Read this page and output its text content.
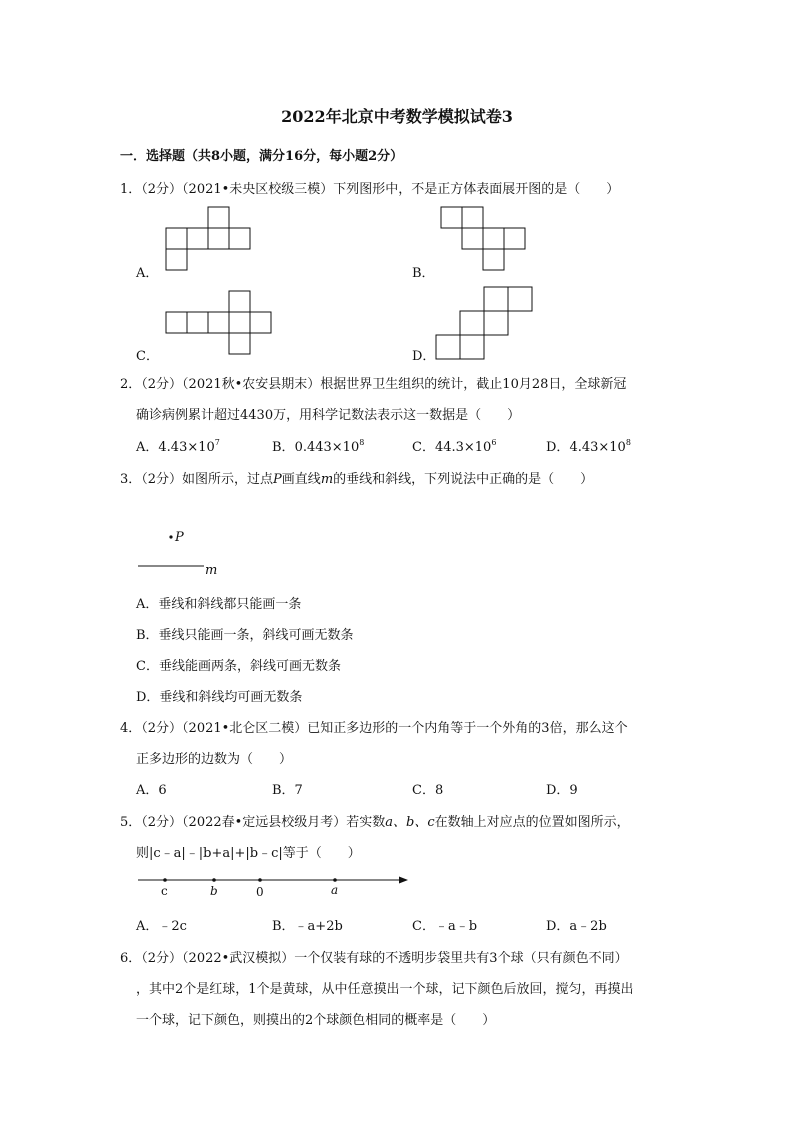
2022年北京中考数学模拟试卷3
一．选择题（共8小题，满分16分，每小题2分）
1．（2分）（2021•未央区校级三模）下列图形中，不是正方体表面展开图的是（　　）
A．	B．
C．	D．
2．（2分）（2021秋•农安县期末）根据世界卫生组织的统计，截止10月28日，全球新冠
确诊病例累计超过4430万，用科学记数法表示这一数据是（　　）
A．$4.43\times 10^7$	B．$0.443\times 10^8$	C．$44.3\times 10^6$	D．$4.43\times 10^8$
3．（2分）如图所示，过点P画直线m的垂线和斜线，下列说法中正确的是（　　）
P
m
A．垂线和斜线都只能画一条
B．垂线只能画一条，斜线可画无数条
C．垂线能画两条，斜线可画无数条
D．垂线和斜线均可画无数条
4．（2分）（2021•北仑区二模）已知正多边形的一个内角等于一个外角的3倍，那么这个
正多边形的边数为（　　）
A．6	B．7	C．8	D．9
5．（2分）（2022春•定远县校级月考）若实数a、b、c在数轴上对应点的位置如图所示，
则|c﹣a|﹣|b+a|+|b﹣c|等于（　　）
c	b	0	a
A．﹣2c	B．﹣a+2b	C．﹣a﹣b	D．a﹣2b
6．（2分）（2022•武汉模拟）一个仅装有球的不透明步袋里共有3个球（只有颜色不同）
，其中2个是红球，1个是黄球，从中任意摸出一个球，记下颜色后放回，搅匀，再摸出
一个球，记下颜色，则摸出的2个球颜色相同的概率是（　　）
